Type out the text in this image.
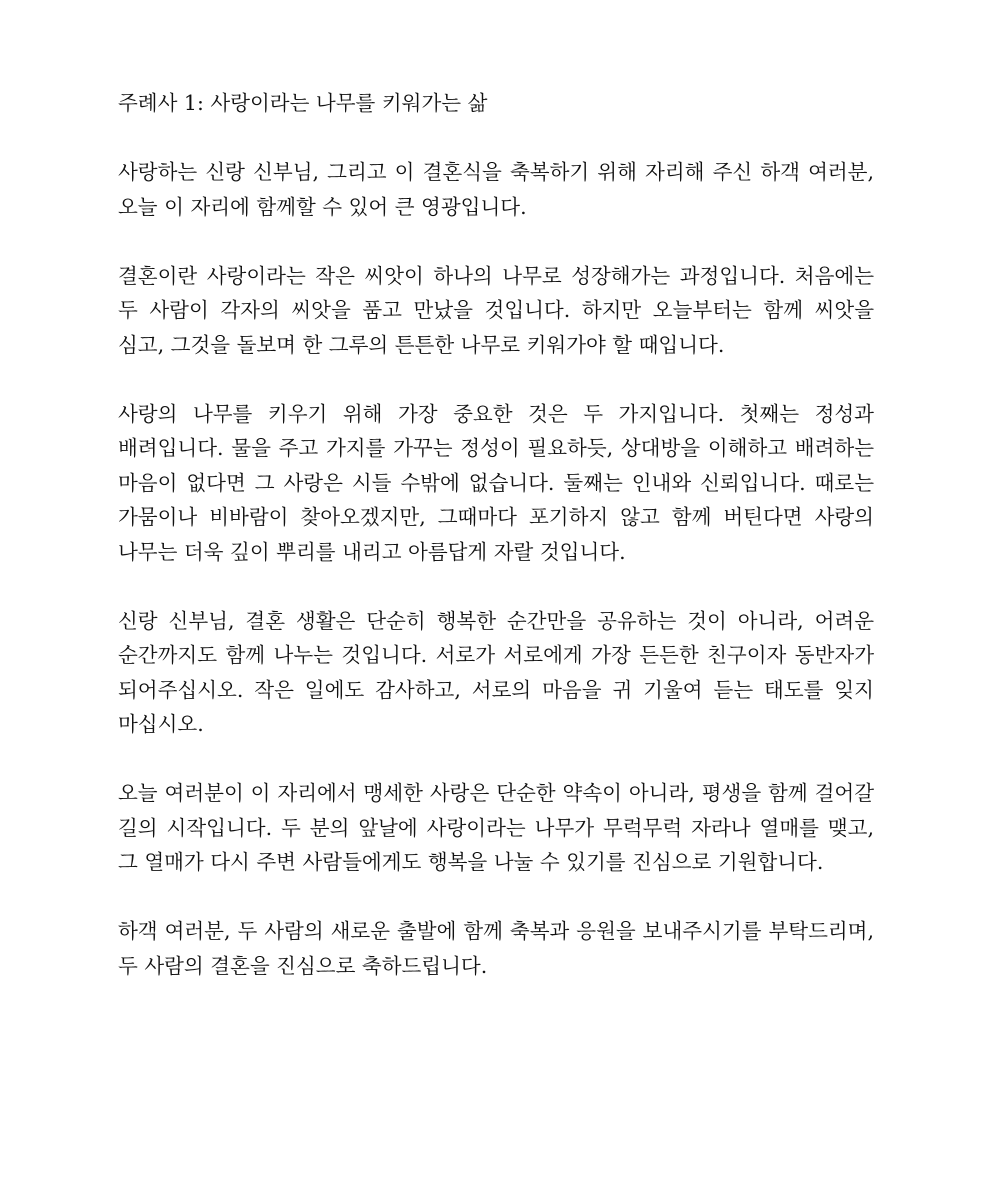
주례사 1: 사랑이라는 나무를 키워가는 삶

사랑하는 신랑 신부님, 그리고 이 결혼식을 축복하기 위해 자리해 주신 하객 여러분, 오늘 이 자리에 함께할 수 있어 큰 영광입니다.

결혼이란 사랑이라는 작은 씨앗이 하나의 나무로 성장해가는 과정입니다. 처음에는 두 사람이 각자의 씨앗을 품고 만났을 것입니다. 하지만 오늘부터는 함께 씨앗을 심고, 그것을 돌보며 한 그루의 튼튼한 나무로 키워가야 할 때입니다.

사랑의 나무를 키우기 위해 가장 중요한 것은 두 가지입니다. 첫째는 정성과 배려입니다. 물을 주고 가지를 가꾸는 정성이 필요하듯, 상대방을 이해하고 배려하는 마음이 없다면 그 사랑은 시들 수밖에 없습니다. 둘째는 인내와 신뢰입니다. 때로는 가뭄이나 비바람이 찾아오겠지만, 그때마다 포기하지 않고 함께 버틴다면 사랑의 나무는 더욱 깊이 뿌리를 내리고 아름답게 자랄 것입니다.

신랑 신부님, 결혼 생활은 단순히 행복한 순간만을 공유하는 것이 아니라, 어려운 순간까지도 함께 나누는 것입니다. 서로가 서로에게 가장 든든한 친구이자 동반자가 되어주십시오. 작은 일에도 감사하고, 서로의 마음을 귀 기울여 듣는 태도를 잊지 마십시오.

오늘 여러분이 이 자리에서 맹세한 사랑은 단순한 약속이 아니라, 평생을 함께 걸어갈 길의 시작입니다. 두 분의 앞날에 사랑이라는 나무가 무럭무럭 자라나 열매를 맺고, 그 열매가 다시 주변 사람들에게도 행복을 나눌 수 있기를 진심으로 기원합니다.

하객 여러분, 두 사람의 새로운 출발에 함께 축복과 응원을 보내주시기를 부탁드리며, 두 사람의 결혼을 진심으로 축하드립니다.
